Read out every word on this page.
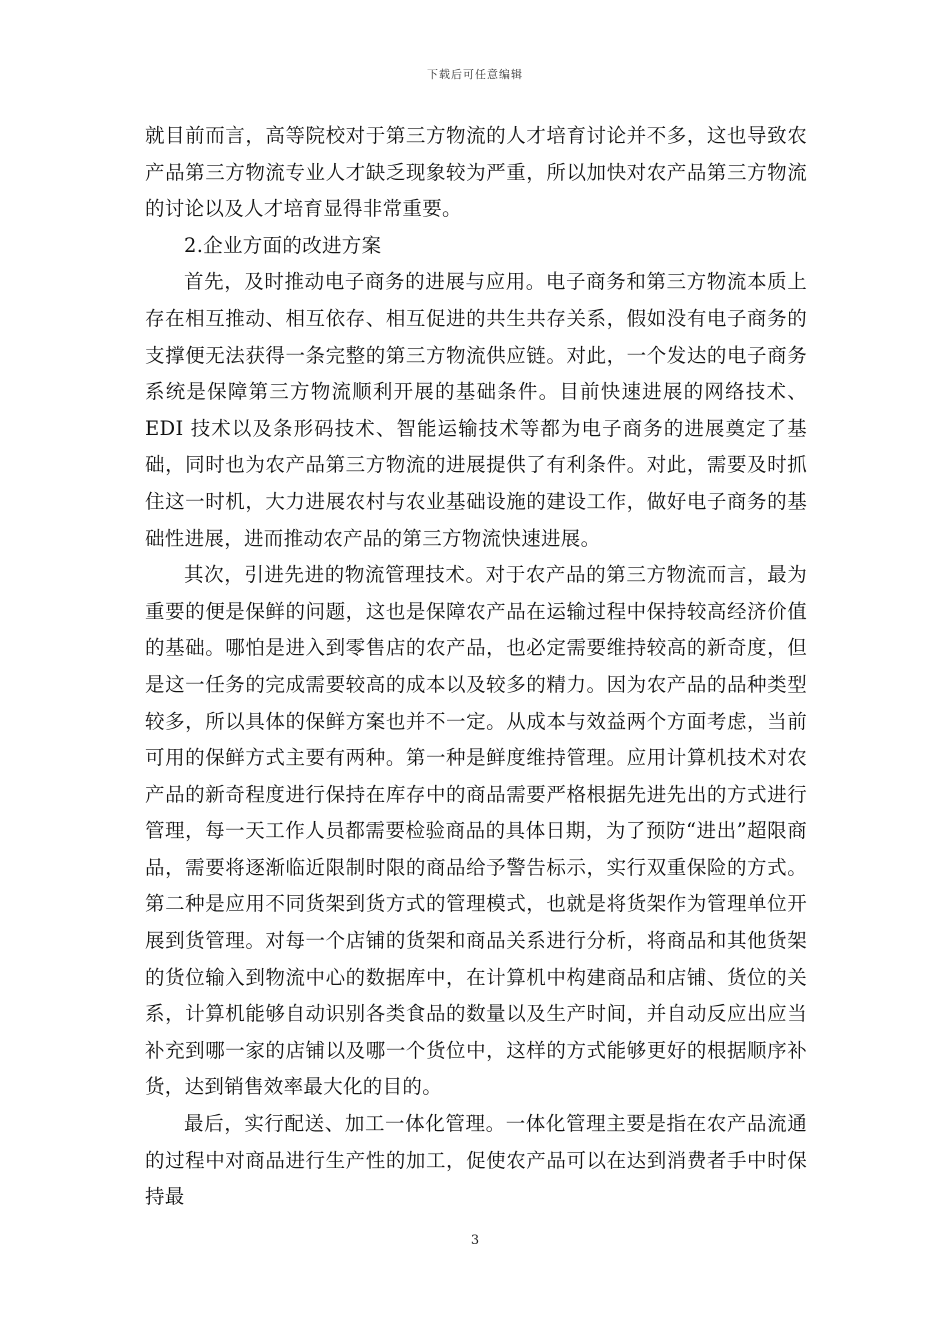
下载后可任意编辑

就目前而言，高等院校对于第三方物流的人才培育讨论并不多，这也导致农产品第三方物流专业人才缺乏现象较为严重，所以加快对农产品第三方物流的讨论以及人才培育显得非常重要。

2.企业方面的改进方案

首先，及时推动电子商务的进展与应用。电子商务和第三方物流本质上存在相互推动、相互依存、相互促进的共生共存关系，假如没有电子商务的支撑便无法获得一条完整的第三方物流供应链。对此，一个发达的电子商务系统是保障第三方物流顺利开展的基础条件。目前快速进展的网络技术、EDI 技术以及条形码技术、智能运输技术等都为电子商务的进展奠定了基础，同时也为农产品第三方物流的进展提供了有利条件。对此，需要及时抓住这一时机，大力进展农村与农业基础设施的建设工作，做好电子商务的基础性进展，进而推动农产品的第三方物流快速进展。

其次，引进先进的物流管理技术。对于农产品的第三方物流而言，最为重要的便是保鲜的问题，这也是保障农产品在运输过程中保持较高经济价值的基础。哪怕是进入到零售店的农产品，也必定需要维持较高的新奇度，但是这一任务的完成需要较高的成本以及较多的精力。因为农产品的品种类型较多，所以具体的保鲜方案也并不一定。从成本与效益两个方面考虑，当前可用的保鲜方式主要有两种。第一种是鲜度维持管理。应用计算机技术对农产品的新奇程度进行保持在库存中的商品需要严格根据先进先出的方式进行管理，每一天工作人员都需要检验商品的具体日期，为了预防“进出”超限商品，需要将逐渐临近限制时限的商品给予警告标示，实行双重保险的方式。第二种是应用不同货架到货方式的管理模式，也就是将货架作为管理单位开展到货管理。对每一个店铺的货架和商品关系进行分析，将商品和其他货架的货位输入到物流中心的数据库中，在计算机中构建商品和店铺、货位的关系，计算机能够自动识别各类食品的数量以及生产时间，并自动反应出应当补充到哪一家的店铺以及哪一个货位中，这样的方式能够更好的根据顺序补货，达到销售效率最大化的目的。

最后，实行配送、加工一体化管理。一体化管理主要是指在农产品流通的过程中对商品进行生产性的加工，促使农产品可以在达到消费者手中时保持最

3
